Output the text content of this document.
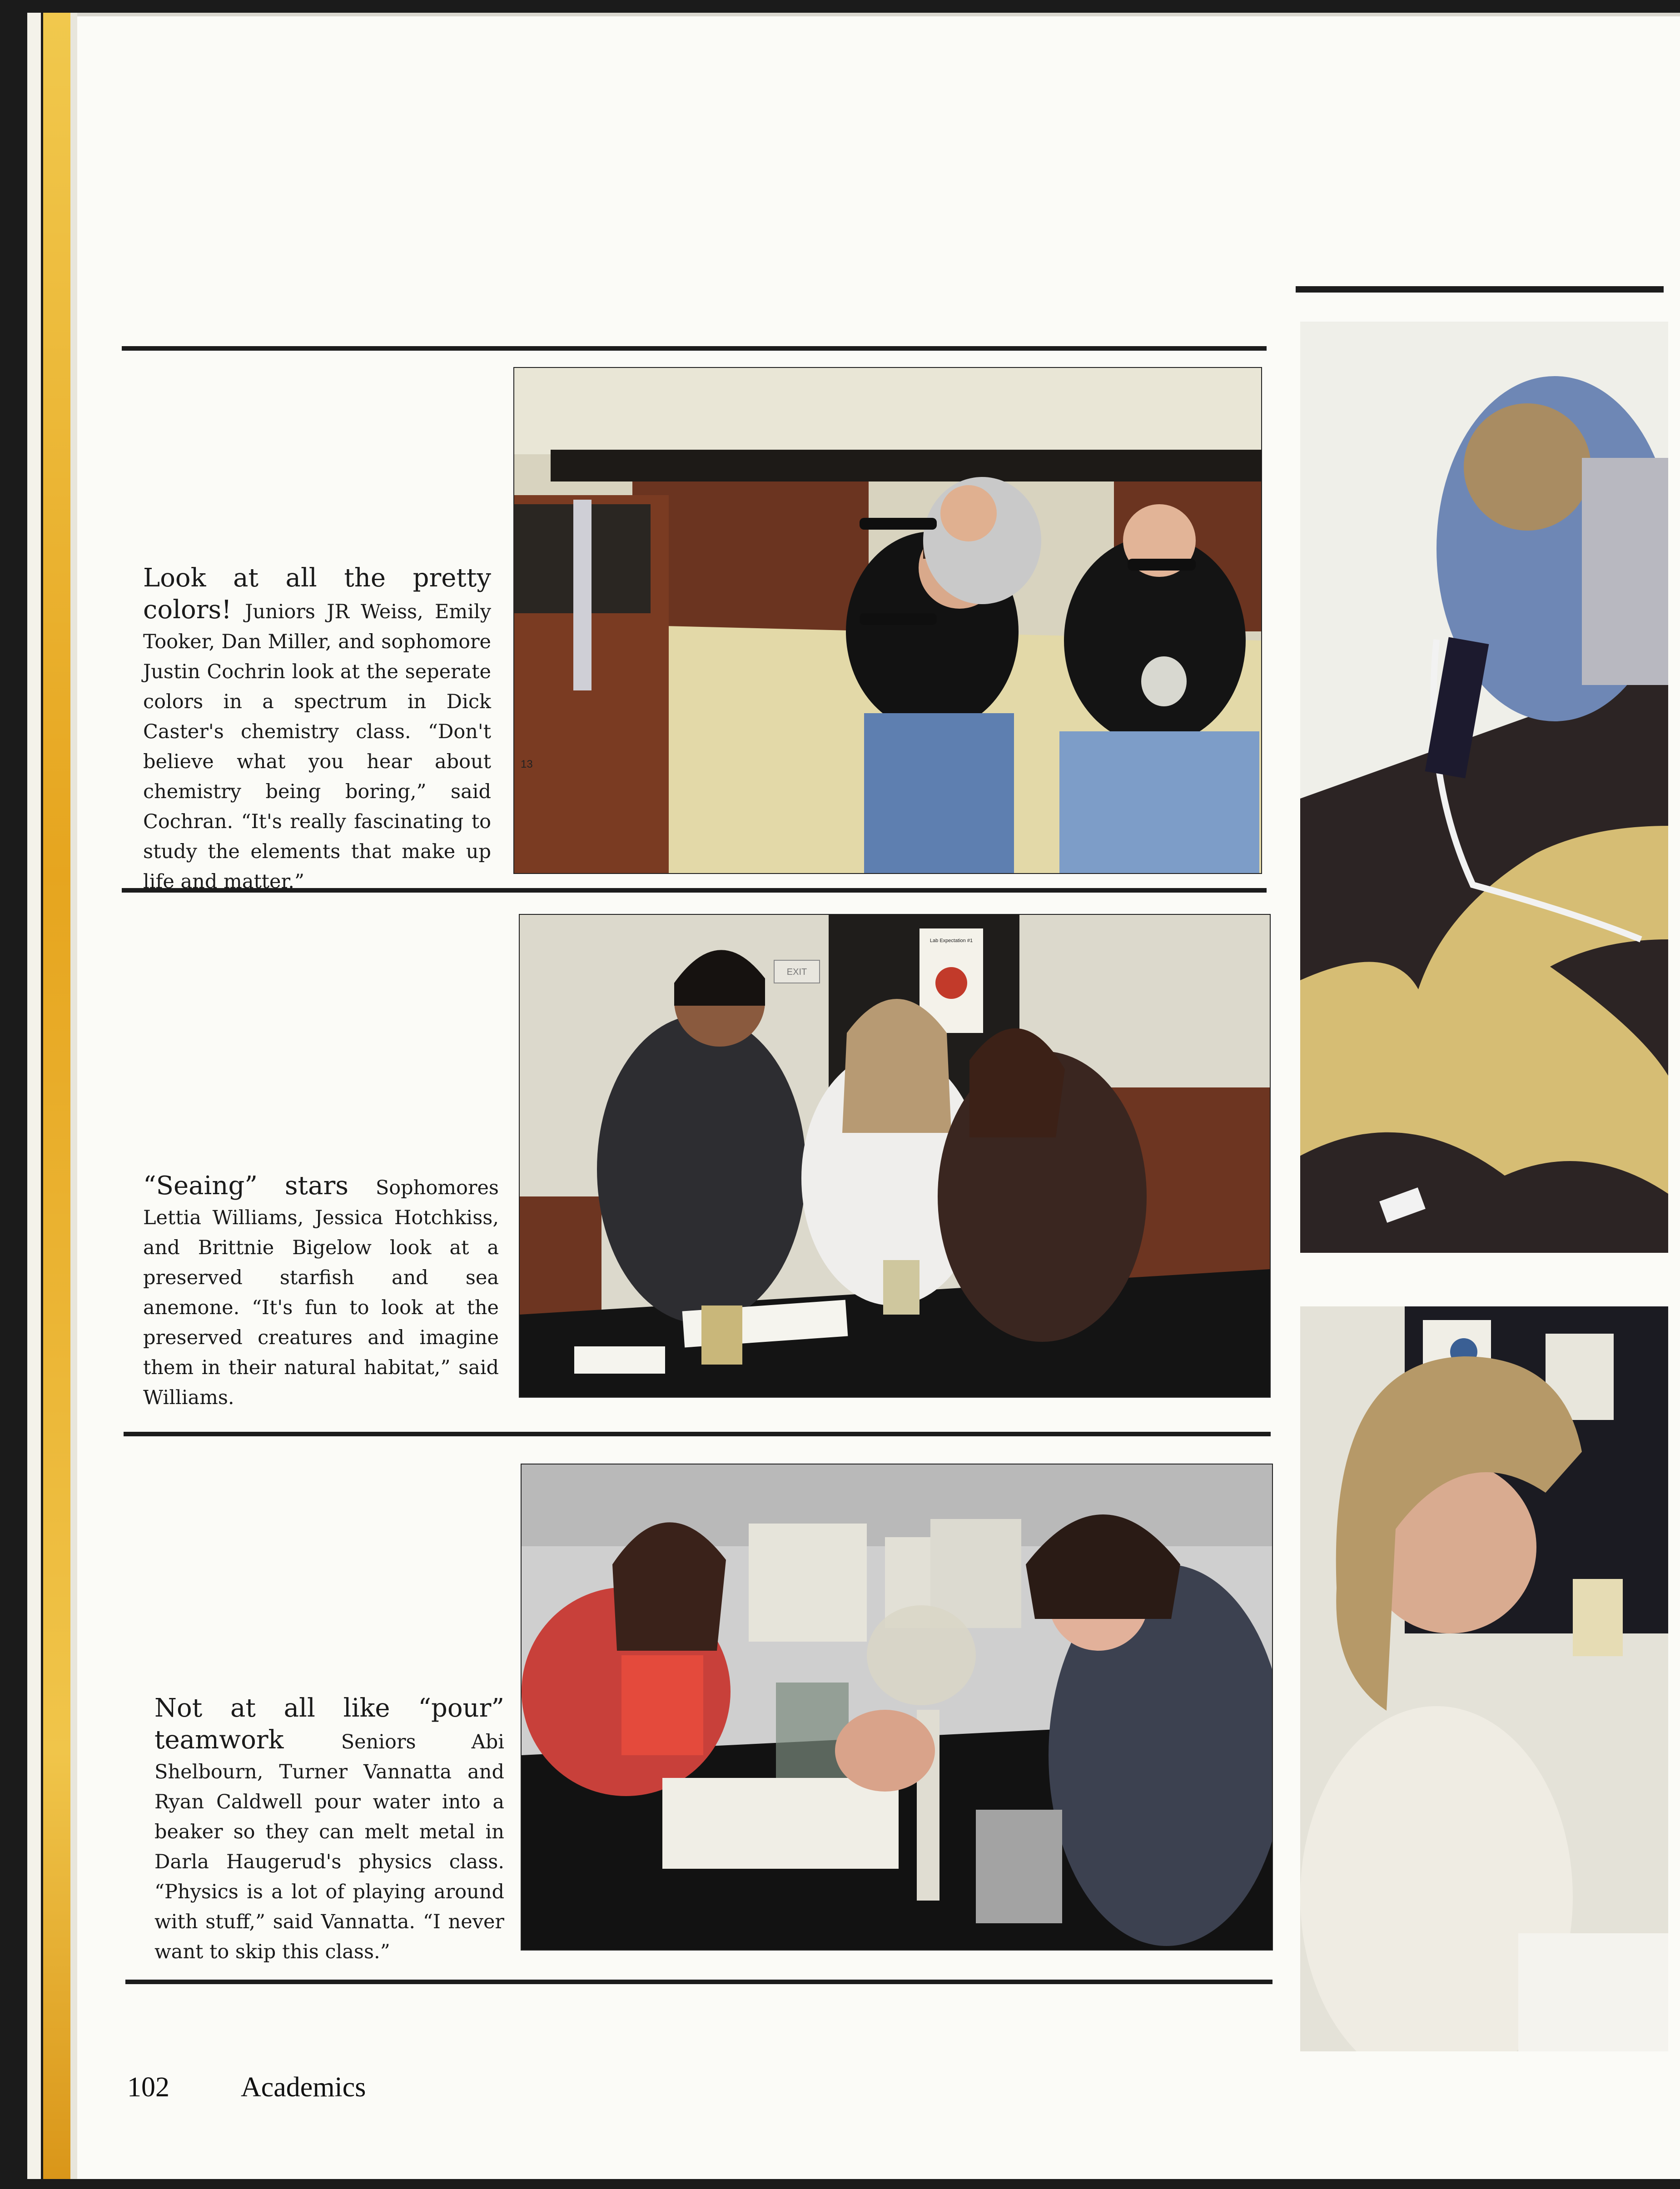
13
Look at all the pretty colors! Juniors JR Weiss, Emily Tooker, Dan Miller, and sophomore Justin Cochrin look at the seperate colors in a spectrum in Dick Caster's chemistry class. “Don't believe what you hear about chemistry being boring,” said Cochran. “It's really fascinating to study the elements that make up life and matter.”
Lab Expectation #1
EXIT
“Seaing” stars Sophomores Lettia Williams, Jessica Hotchkiss, and Brittnie Bigelow look at a preserved starfish and sea anemone. “It's fun to look at the preserved creatures and imagine them in their natural habitat,” said Williams.
Not at all like “pour” teamwork Seniors Abi Shelbourn, Turner Vannatta and Ryan Caldwell pour water into a beaker so they can melt metal in Darla Haugerud's physics class. “Physics is a lot of playing around with stuff,” said Vannatta. “I never want to skip this class.”
102	Academics
